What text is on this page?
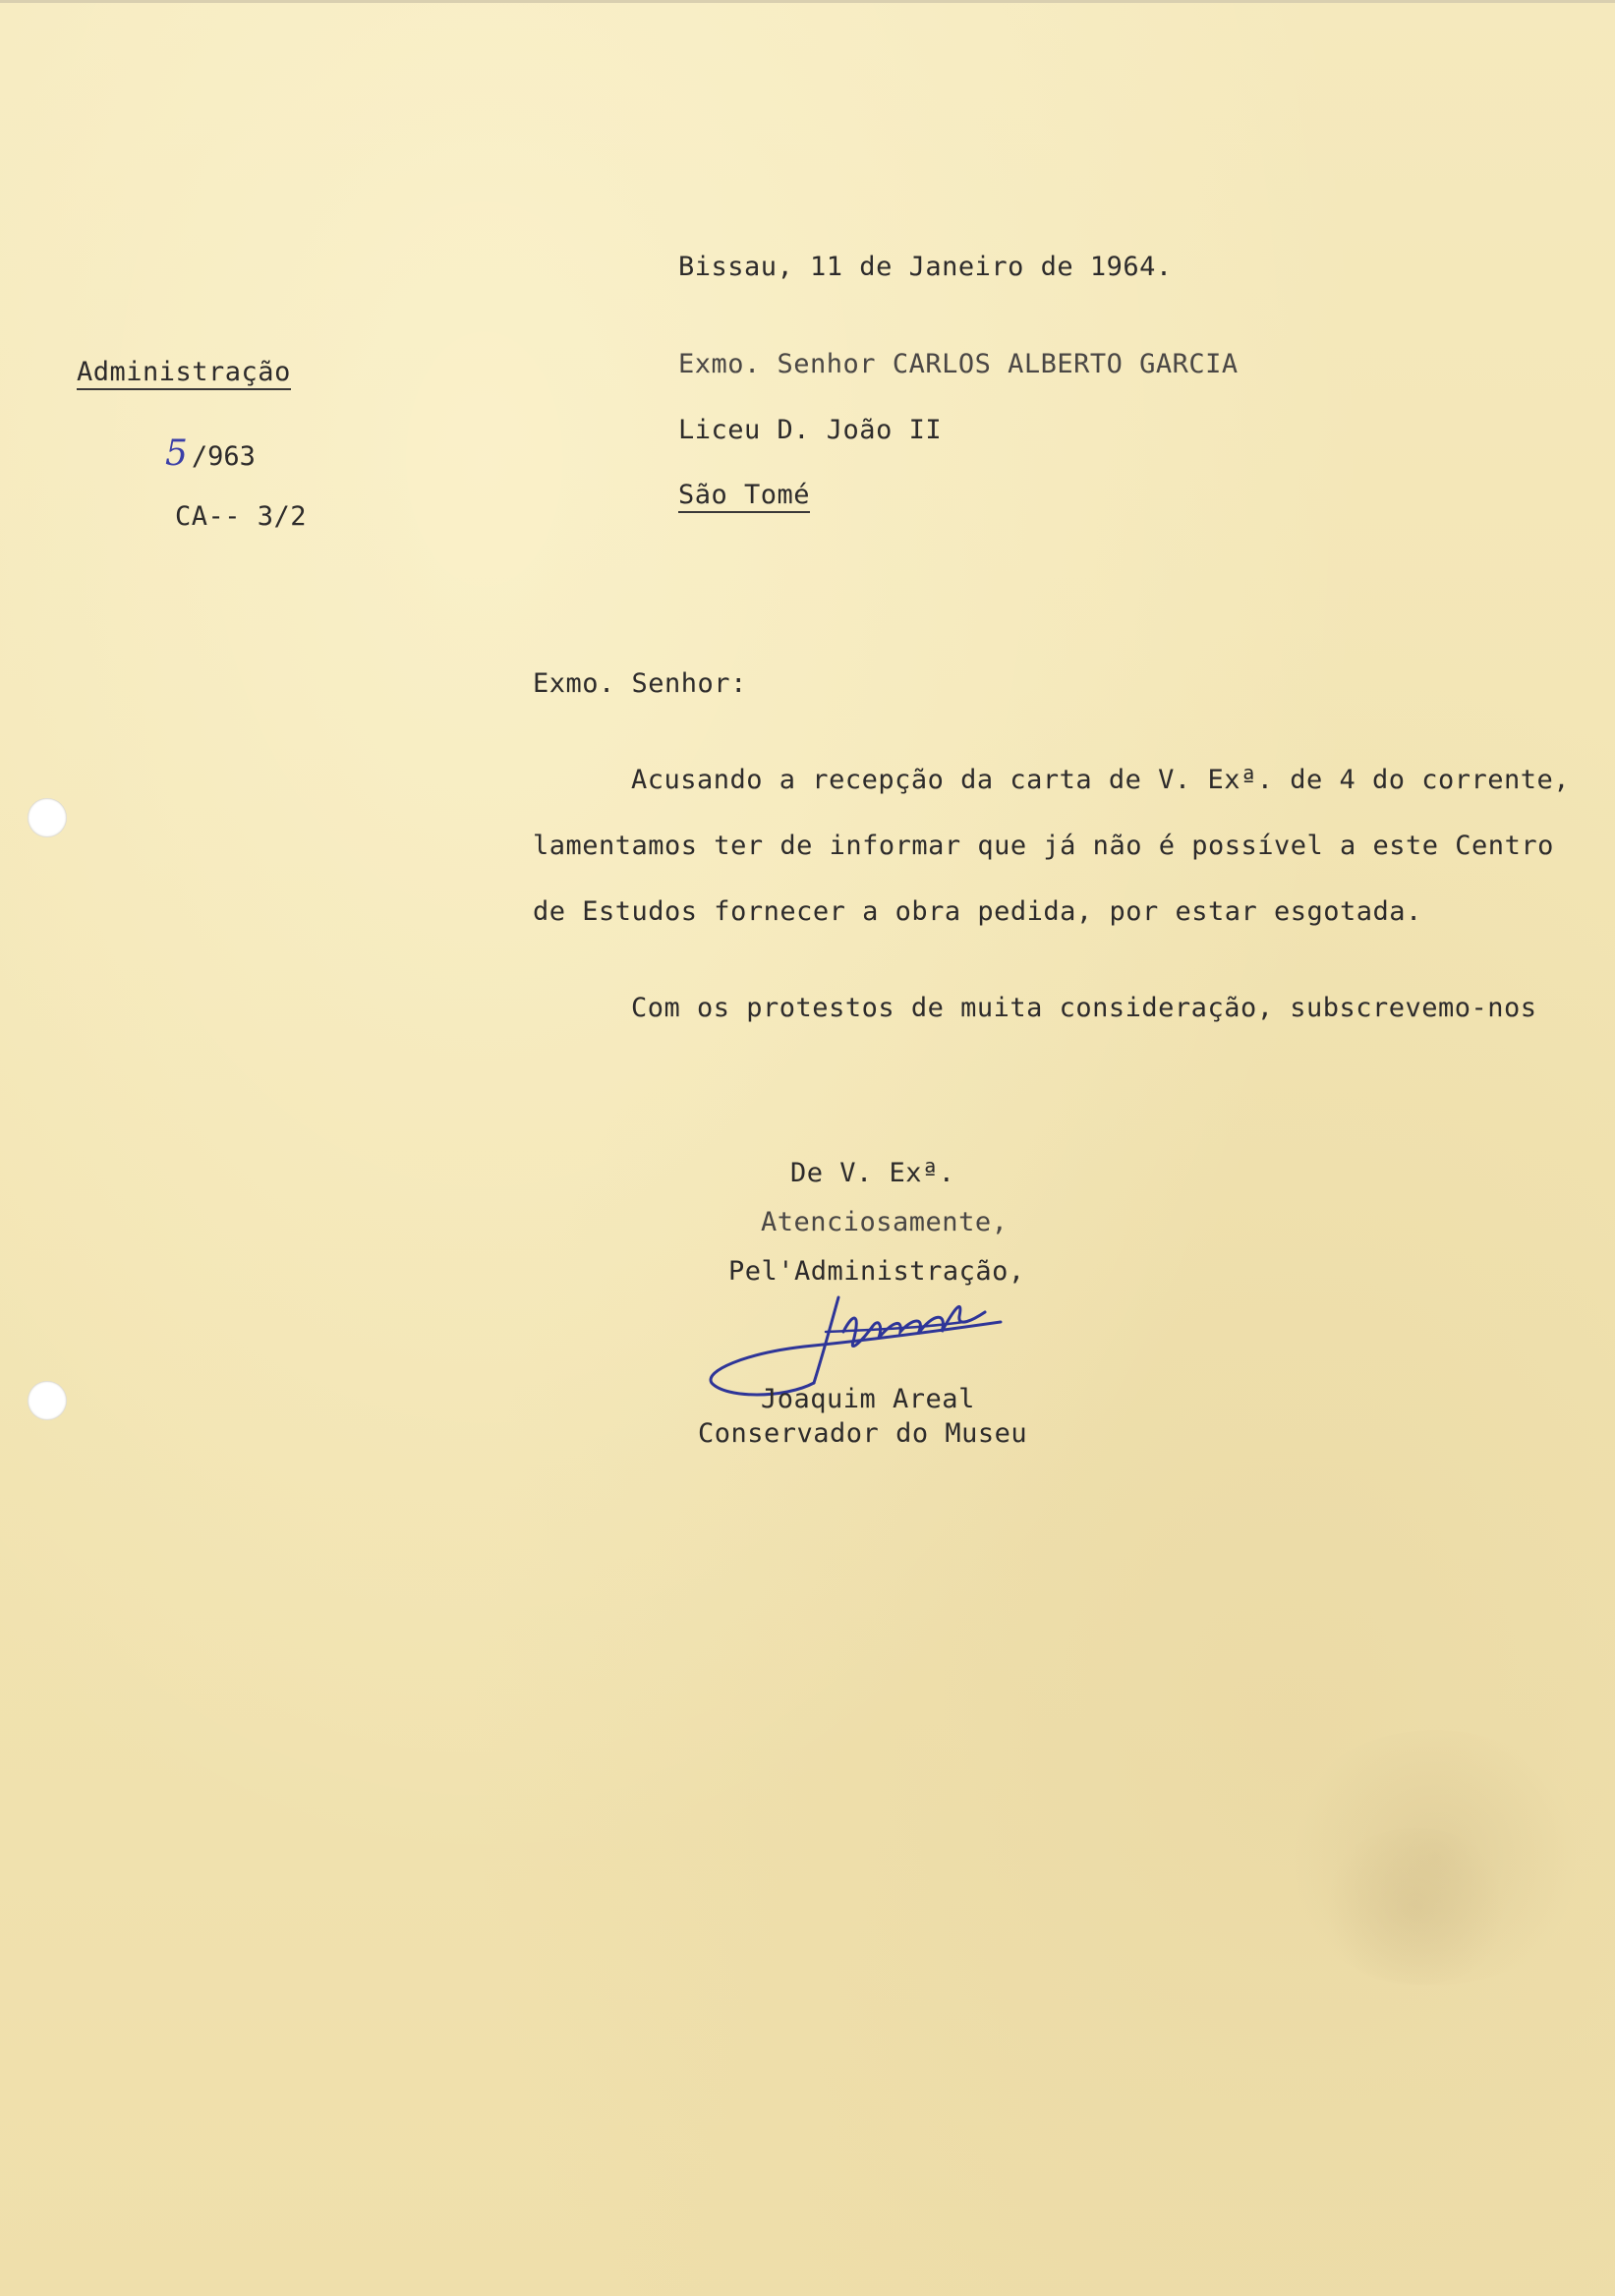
Bissau, 11 de Janeiro de 1964.
Administração
5 /963
CA-- 3/2
Exmo. Senhor CARLOS ALBERTO GARCIA
Liceu D. João II
São Tomé
Exmo. Senhor:
Acusando a recepção da carta de V. Exª. de 4 do corrente,
lamentamos ter de informar que já não é possível a este Centro
de Estudos fornecer a obra pedida, por estar esgotada.
Com os protestos de muita consideração, subscrevemo-nos
De V. Exª.
Atenciosamente,
Pel'Administração,
Joaquim Areal
Conservador do Museu
